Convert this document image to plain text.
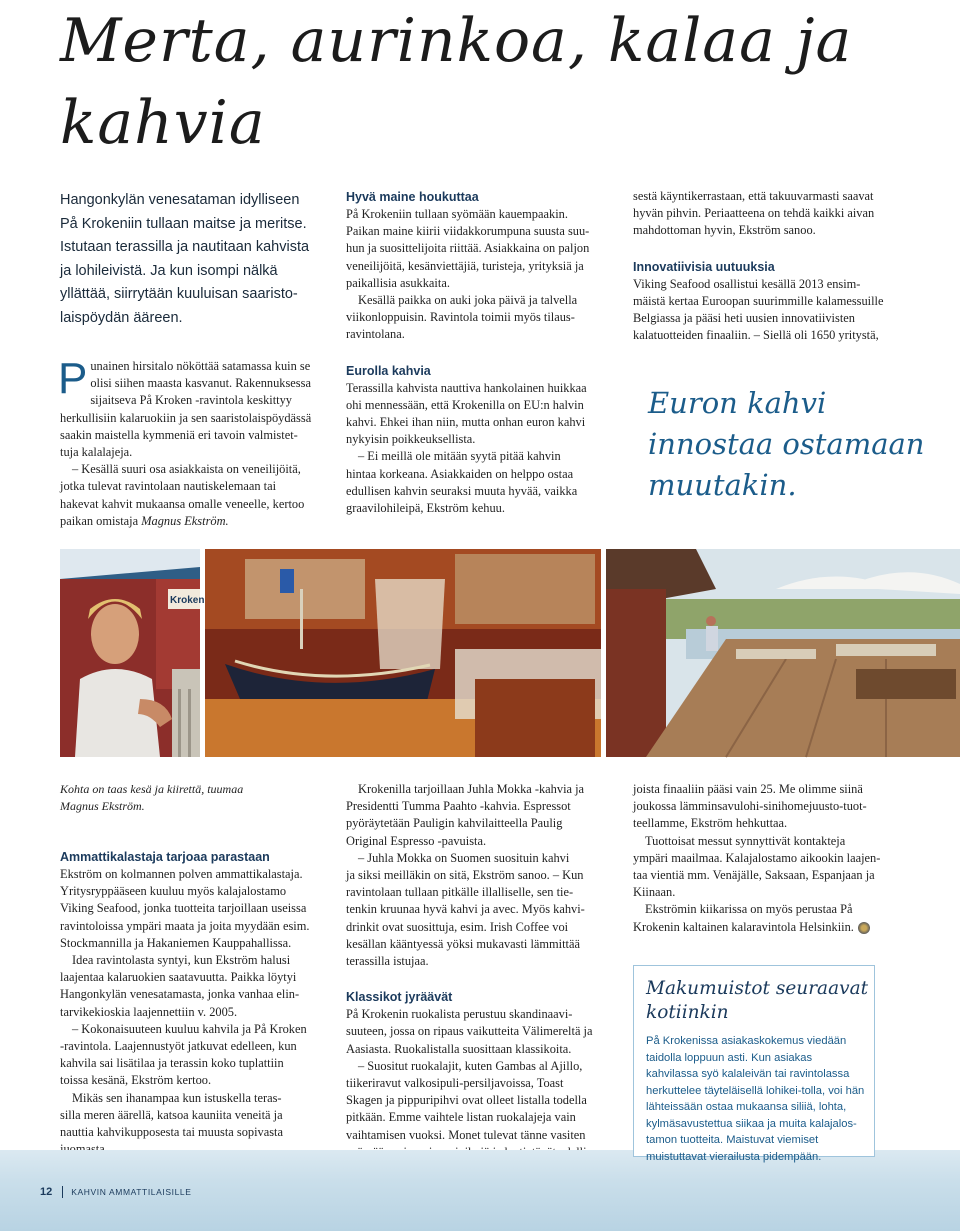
Merta, aurinkoa, kalaa ja kahvia

Hangonkylän venesataman idylliseen

På Krokeniin tullaan maitse ja meritse.

Istutaan terassilla ja nautitaan kahvista

ja lohileivistä. Ja kun isompi nälkä

yllättää, siirrytään kuuluisan saaristo-

laispöydän ääreen.

P unainen hirsitalo nököttää satamassa kuin se

olisi siihen maasta kasvanut. Rakennuksessa

sijaitseva På Kroken -ravintola keskittyy

herkullisiin kalaruokiin ja sen saaristolaispöydässä

saakin maistella kymmeniä eri tavoin valmistet-

tuja kalalajeja.

– Kesällä suuri osa asiakkaista on veneilijöitä,

jotka tulevat ravintolaan nautiskelemaan tai

hakevat kahvit mukaansa omalle veneelle, kertoo

paikan omistaja Magnus Ekström.

Hyvä maine houkuttaa

På Krokeniin tullaan syömään kauempaakin.

Paikan maine kiirii viidakkorumpuna suusta suu-

hun ja suosittelijoita riittää. Asiakkaina on paljon

veneilijöitä, kesänviettäjiä, turisteja, yrityksiä ja

paikallisia asukkaita.

Kesällä paikka on auki joka päivä ja talvella

viikonloppuisin. Ravintola toimii myös tilaus-

ravintolana.

Eurolla kahvia

Terassilla kahvista nauttiva hankolainen huikkaa

ohi mennessään, että Krokenilla on EU:n halvin

kahvi. Ehkei ihan niin, mutta onhan euron kahvi

nykyisin poikkeuksellista.

– Ei meillä ole mitään syytä pitää kahvin

hintaa korkeana. Asiakkaiden on helppo ostaa

edullisen kahvin seuraksi muuta hyvää, vaikka

graavilohileipä, Ekström kehuu.

sestä käyntikerrastaan, että takuuvarmasti saavat

hyvän pihvin. Periaatteena on tehdä kaikki aivan

mahdottoman hyvin, Ekström sanoo.

Innovatiivisia uutuuksia

Viking Seafood osallistui kesällä 2013 ensim-

mäistä kertaa Euroopan suurimmille kalamessuille

Belgiassa ja pääsi heti uusien innovatiivisten

kalatuotteiden finaaliin. – Siellä oli 1650 yritystä,

Euron kahvi innostaa ostamaan muutakin.
Kroken
Kohta on taas kesä ja kiirettä, tuumaa Magnus Ekström.

Ammattikalastaja tarjoaa parastaan

Ekström on kolmannen polven ammattikalastaja.

Yritysryppääseen kuuluu myös kalajalostamo

Viking Seafood, jonka tuotteita tarjoillaan useissa

ravintoloissa ympäri maata ja joita myydään esim.

Stockmannilla ja Hakaniemen Kauppahallissa.

Idea ravintolasta syntyi, kun Ekström halusi

laajentaa kalaruokien saatavuutta. Paikka löytyi

Hangonkylän venesatamasta, jonka vanhaa elin-

tarvikekioskia laajennettiin v. 2005.

– Kokonaisuuteen kuuluu kahvila ja På Kroken

-ravintola. Laajennustyöt jatkuvat edelleen, kun

kahvila sai lisätilaa ja terassin koko tuplattiin

toissa kesänä, Ekström kertoo.

Mikäs sen ihanampaa kun istuskella teras-

silla meren äärellä, katsoa kauniita veneitä ja

nauttia kahvikupposesta tai muusta sopivasta

Krokenilla tarjoillaan Juhla Mokka -kahvia ja

Presidentti Tumma Paahto -kahvia. Espressot

pyöräytetään Pauligin kahvilaitteella Paulig

Original Espresso -pavuista.

– Juhla Mokka on Suomen suosituin kahvi

ja siksi meilläkin on sitä, Ekström sanoo. – Kun

ravintolaan tullaan pitkälle illalliselle, sen tie-

tenkin kruunaa hyvä kahvi ja avec. Myös kahvi-

drinkit ovat suosittuja, esim. Irish Coffee voi

kesällan kääntyessä yöksi mukavasti lämmittää

terassilla istujaa.

Klassikot jyräävät

På Krokenin ruokalista perustuu skandinaavi-

suuteen, jossa on ripaus vaikutteita Välimereltä ja

Aasiasta. Ruokalistalla suosittaan klassikoita.

– Suositut ruokalajit, kuten Gambas al Ajillo,

tiikeriravut valkosipuli-persiljavoissa, Toast

Skagen ja pippuripihvi ovat olleet listalla todella

pitkään. Emme vaihtele listan ruokalajeja vain

vaihtamisen vuoksi. Monet tulevat tänne vasiten

joista finaaliin pääsi vain 25. Me olimme siinä

joukossa lämminsavulohi-sinihomejuusto-tuot-

teellamme, Ekström hehkuttaa.

Tuottoisat messut synnyttivät kontakteja

ympäri maailmaa. Kalajalostamo aikookin laajen-

taa vientiä mm. Venäjälle, Saksaan, Espanjaan ja

Kiinaan.

Ekströmin kiikarissa on myös perustaa På

Krokenin kaltainen kalaravintola Helsinkiin.

Makumuistot seuraavat kotiinkin
På Krokenissa asiakaskokemus viedään taidolla loppuun asti. Kun asiakas kahvilassa syö kalaleivän tai ravintolassa herkuttelee täyteläisellä lohikei-tolla, voi hän lähteissään ostaa mukaansa siliiä, lohta, kylmäsavustettua siikaa ja muita kalajalos-tamon tuotteita. Maistuvat viemiset muistuttavat vierailusta pidempään.
12 KAHVIN AMMATTILAISILLE
